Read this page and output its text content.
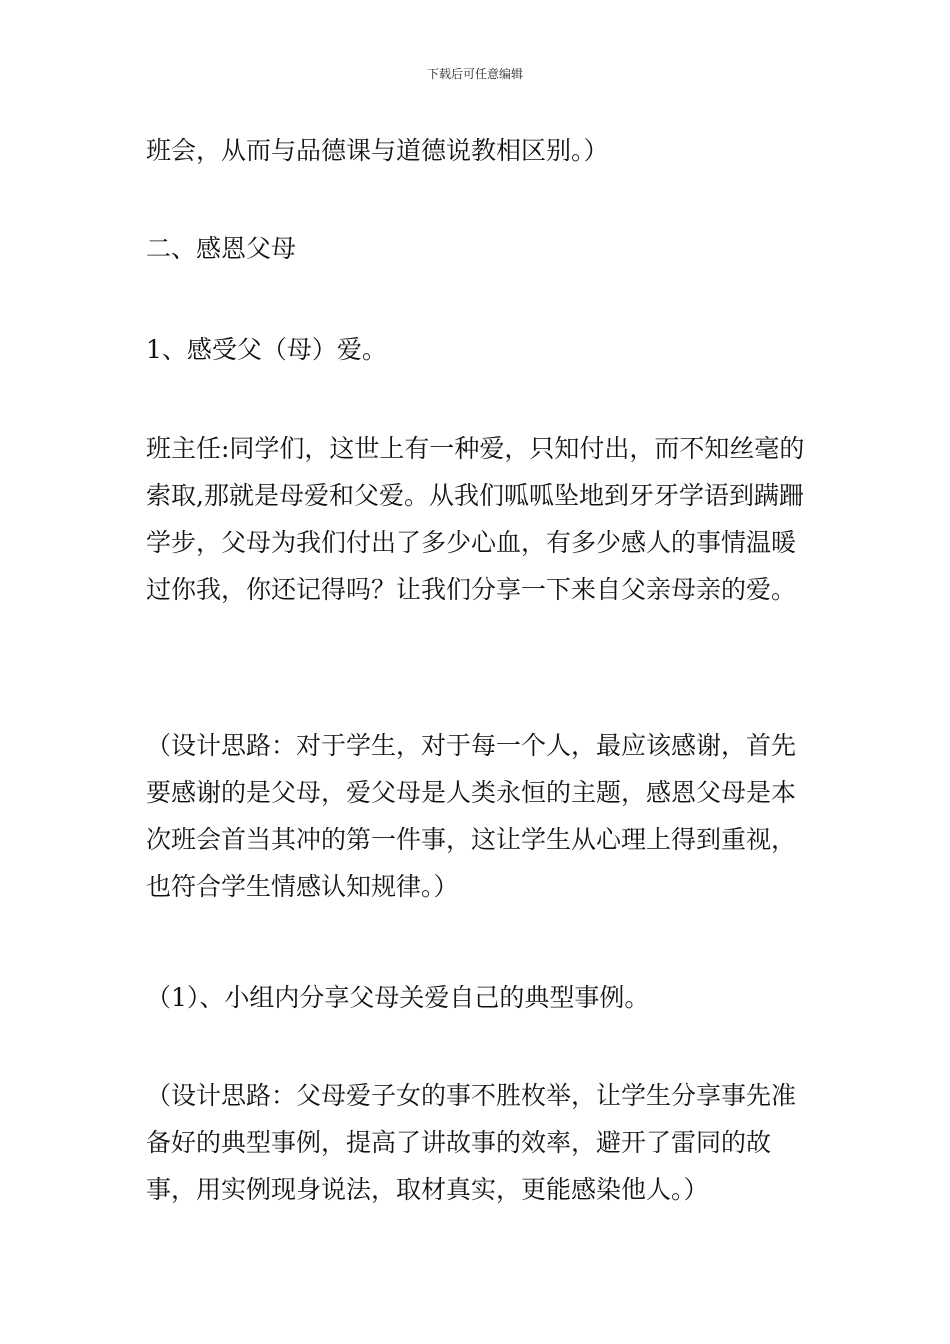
下载后可任意编辑

班会，从而与品德课与道德说教相区别。）

二、感恩父母

1、感受父（母）爱。

班主任:同学们，这世上有一种爱，只知付出，而不知丝毫的索取,那就是母爱和父爱。从我们呱呱坠地到牙牙学语到蹒跚学步，父母为我们付出了多少心血，有多少感人的事情温暖过你我，你还记得吗？让我们分享一下来自父亲母亲的爱。

（设计思路：对于学生，对于每一个人，最应该感谢，首先要感谢的是父母，爱父母是人类永恒的主题，感恩父母是本次班会首当其冲的第一件事，这让学生从心理上得到重视，也符合学生情感认知规律。）

（1）、小组内分享父母关爱自己的典型事例。

（设计思路：父母爱子女的事不胜枚举，让学生分享事先准备好的典型事例，提高了讲故事的效率，避开了雷同的故事，用实例现身说法，取材真实，更能感染他人。）
